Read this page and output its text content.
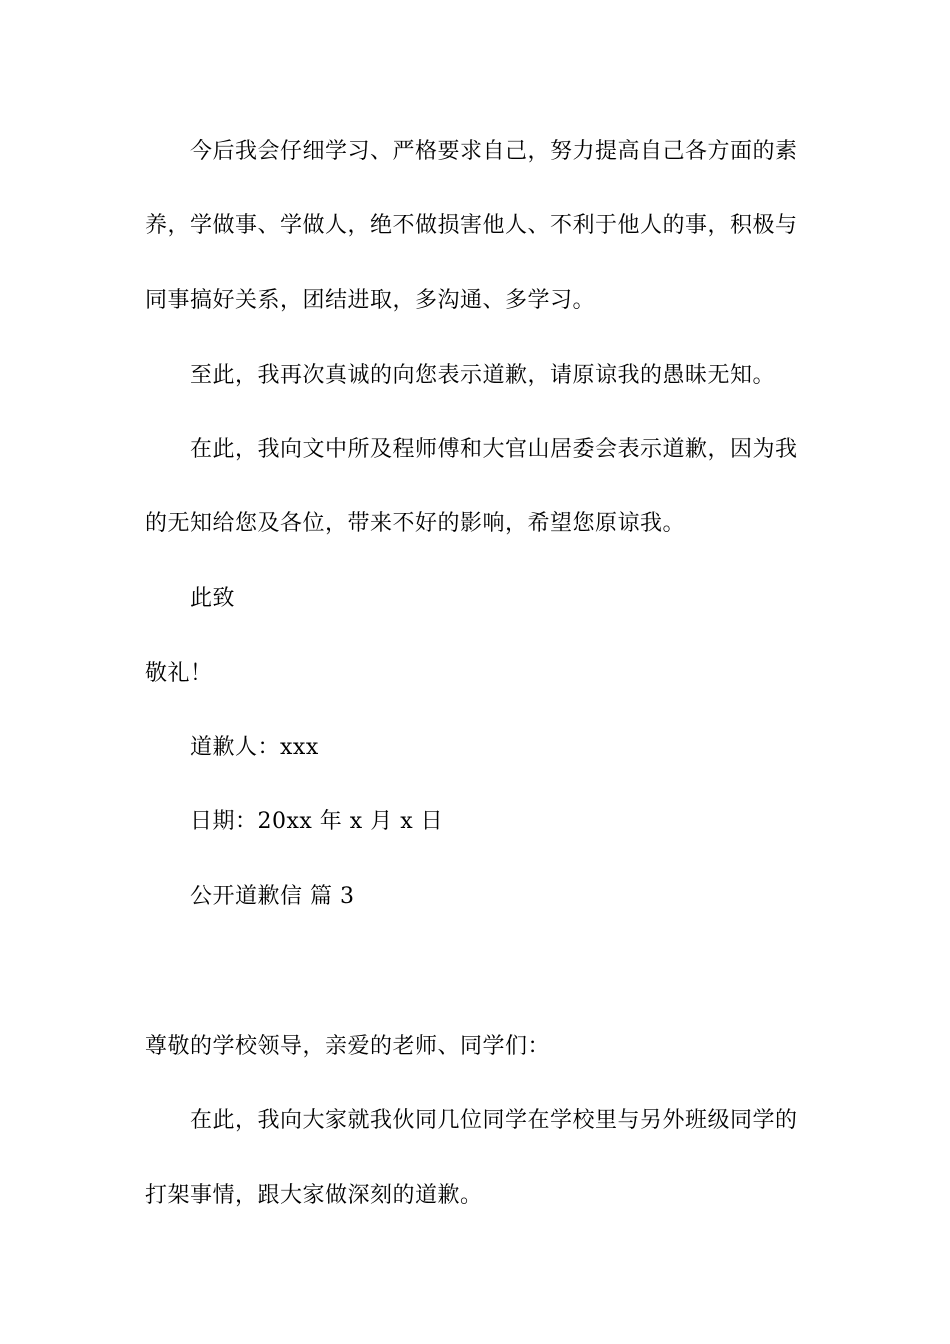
今后我会仔细学习、严格要求自己，努力提高自己各方面的素
养，学做事、学做人，绝不做损害他人、不利于他人的事，积极与
同事搞好关系，团结进取，多沟通、多学习。
至此，我再次真诚的向您表示道歉，请原谅我的愚昧无知。
在此，我向文中所及程师傅和大官山居委会表示道歉，因为我
的无知给您及各位，带来不好的影响，希望您原谅我。
此致
敬礼！
道歉人：xxx
日期：20xx 年 x 月 x 日
公开道歉信 篇 3
尊敬的学校领导，亲爱的老师、同学们：
在此，我向大家就我伙同几位同学在学校里与另外班级同学的
打架事情，跟大家做深刻的道歉。
